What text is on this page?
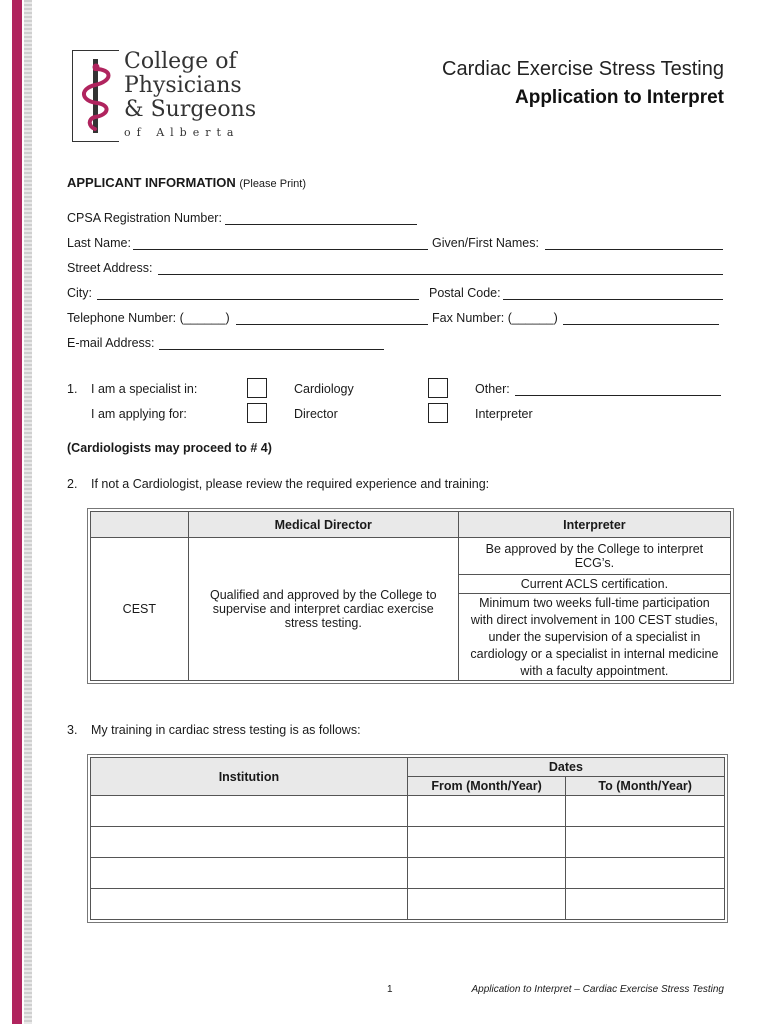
College of
Physicians
& Surgeons
of Alberta
Cardiac Exercise Stress Testing
Application to Interpret
APPLICANT INFORMATION (Please Print)
CPSA Registration Number:
Last Name:	Given/First Names:
Street Address:
City:	Postal Code:
Telephone Number: (______)	Fax Number: (______)
E-mail Address:
1. I am a specialist in:	Cardiology	Other:
I am applying for:	Director	Interpreter
(Cardiologists may proceed to # 4)
2. If not a Cardiologist, please review the required experience and training:
	Medical Director	Interpreter
CEST	Qualified and approved by the College to supervise and interpret cardiac exercise stress testing.	Be approved by the College to interpret ECG’s.
		Current ACLS certification.
		Minimum two weeks full-time participation with direct involvement in 100 CEST studies, under the supervision of a specialist in cardiology or a specialist in internal medicine with a faculty appointment.
3. My training in cardiac stress testing is as follows:
Institution	Dates	
	From (Month/Year)	To (Month/Year)

1	Application to Interpret – Cardiac Exercise Stress Testing
